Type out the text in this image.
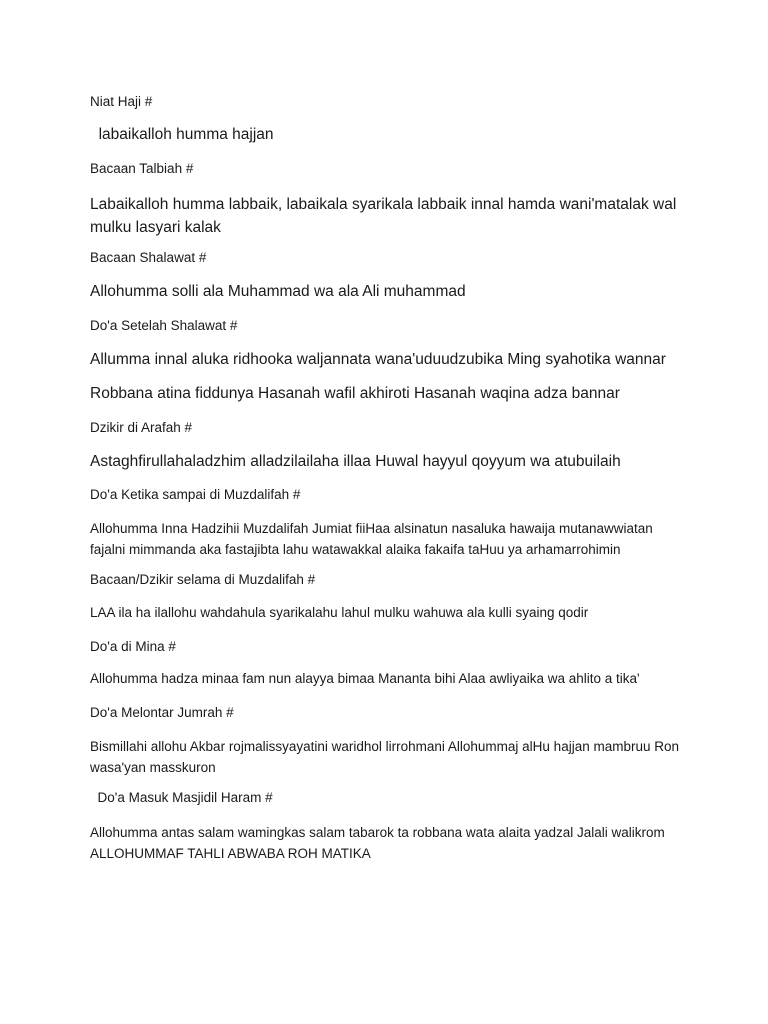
Niat Haji #

labaikalloh humma hajjan

Bacaan Talbiah #

Labaikalloh humma labbaik, labaikala syarikala labbaik innal hamda wani'matalak wal mulku lasyari kalak

Bacaan Shalawat #

Allohumma solli ala Muhammad wa ala Ali muhammad

Do'a Setelah Shalawat #

Allumma innal aluka ridhooka waljannata wana'uduudzubika Ming syahotika wannar

Robbana atina fiddunya Hasanah wafil akhiroti Hasanah waqina adza bannar

Dzikir di Arafah #

Astaghfirullahaladzhim alladzilailaha illaa Huwal hayyul qoyyum wa atubuilaih

Do'a Ketika sampai di Muzdalifah #

Allohumma Inna Hadzihii Muzdalifah Jumiat fiiHaa alsinatun nasaluka hawaija mutanawwiatan fajalni mimmanda aka fastajibta lahu watawakkal alaika fakaifa taHuu ya arhamarrohimin

Bacaan/Dzikir selama di Muzdalifah #

LAA ila ha ilallohu wahdahula syarikalahu lahul mulku wahuwa ala kulli syaing qodir

Do'a di Mina #

Allohumma hadza minaa fam nun alayya bimaa Mananta bihi Alaa awliyaika wa ahlito a tika'

Do'a Melontar Jumrah #

Bismillahi allohu Akbar rojmalissyayatini waridhol lirrohmani Allohummaj alHu hajjan mambruu Ron wasa'yan masskuron

Do'a Masuk Masjidil Haram #

Allohumma antas salam wamingkas salam tabarok ta robbana wata alaita yadzal Jalali walikrom   ALLOHUMMAF TAHLI ABWABA ROH MATIKA
